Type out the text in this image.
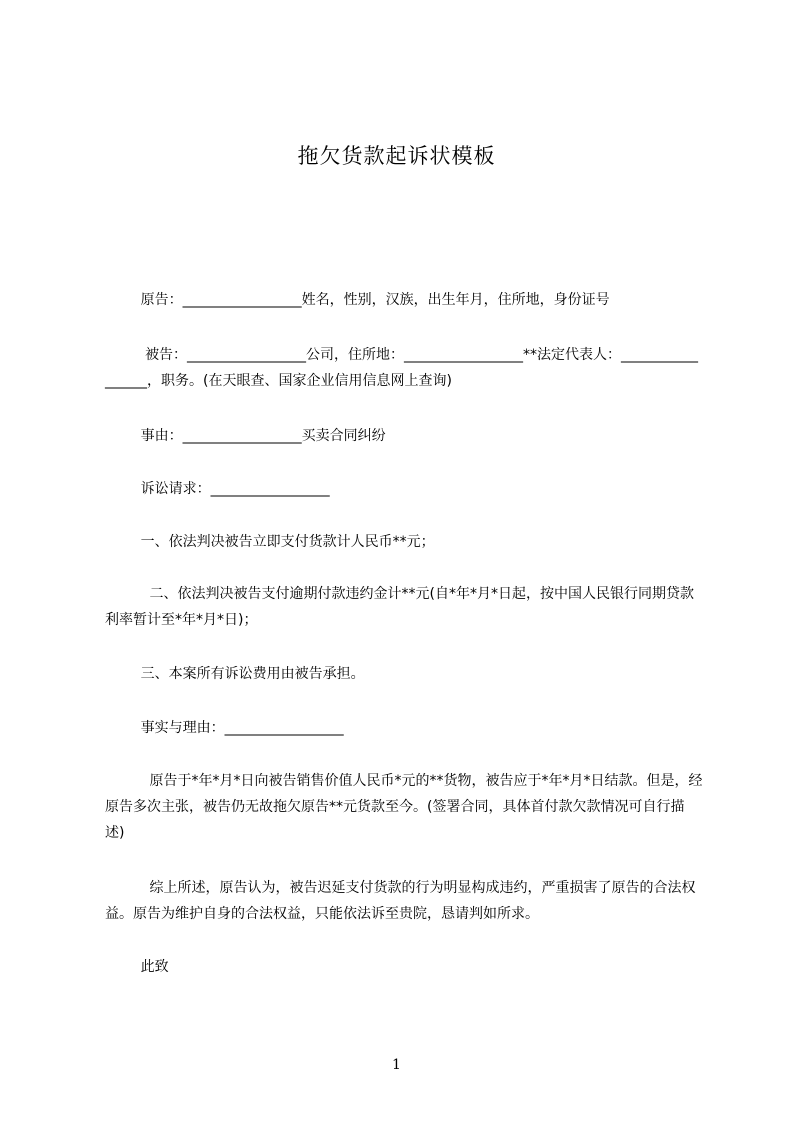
拖欠货款起诉状模板
原告：_________________姓名，性别，汉族，出生年月，住所地，身份证号
被告：_________________公司，住所地：_________________**法定代表人：_________________，职务。(在天眼查、国家企业信用信息网上查询)
事由：_________________买卖合同纠纷
诉讼请求：_________________
一、依法判决被告立即支付货款计人民币**元；
二、依法判决被告支付逾期付款违约金计**元(自*年*月*日起，按中国人民银行同期贷款利率暂计至*年*月*日)；
三、本案所有诉讼费用由被告承担。
事实与理由：_________________
原告于*年*月*日向被告销售价值人民币*元的**货物，被告应于*年*月*日结款。但是，经原告多次主张，被告仍无故拖欠原告**元货款至今。(签署合同，具体首付款欠款情况可自行描述)
综上所述，原告认为，被告迟延支付货款的行为明显构成违约，严重损害了原告的合法权益。原告为维护自身的合法权益，只能依法诉至贵院，恳请判如所求。
此致
1
